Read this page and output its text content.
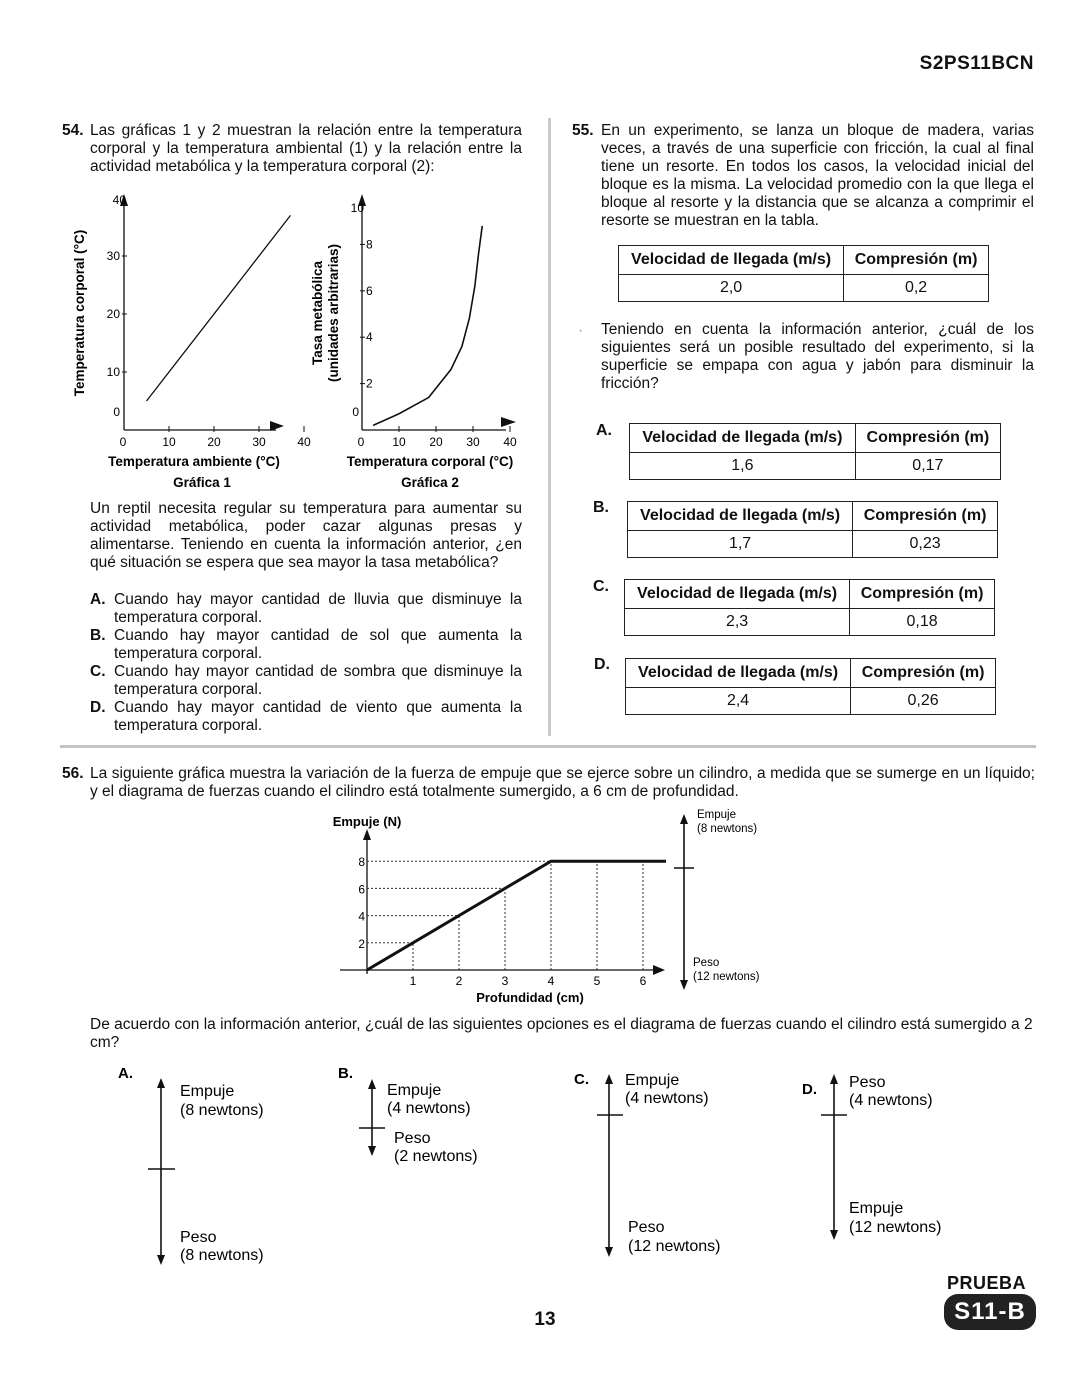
S2PS11BCN
54. Las gráficas 1 y 2 muestran la relación entre la temperatura corporal y la temperatura ambiental (1) y la relación entre la actividad metabólica y la temperatura corporal (2):
0	10	20	30	40
0
10
20
30
40
Temperatura corporal (°C)
Temperatura ambiente (°C)
Gráfica 1
0 10 20 30 40
0
2
4
6
8
10
Tasa metabólica (unidades arbitrarias)
Temperatura corporal (°C)
Gráfica 2
Un reptil necesita regular su temperatura para aumentar su actividad metabólica, poder cazar algunas presas y alimentarse. Teniendo en cuenta la información anterior, ¿en qué situación se espera que sea mayor la tasa metabólica?
A. Cuando hay mayor cantidad de lluvia que disminuye la temperatura corporal.
B. Cuando hay mayor cantidad de sol que aumenta la temperatura corporal.
C. Cuando hay mayor cantidad de sombra que disminuye la temperatura corporal.
D. Cuando hay mayor cantidad de viento que aumenta la temperatura corporal.
55. En un experimento, se lanza un bloque de madera, varias veces, a través de una superficie con fricción, la cual al final tiene un resorte. En todos los casos, la velocidad inicial del bloque es la misma. La velocidad promedio con la que llega el bloque al resorte y la distancia que se alcanza a comprimir el resorte se muestran en la tabla.
Velocidad de llegada (m/s)	Compresión (m)
2,0	0,2
· Teniendo en cuenta la información anterior, ¿cuál de los siguientes será un posible resultado del experimento, si la superficie se empapa con agua y jabón para disminuir la fricción?
A. Velocidad de llegada (m/s)	Compresión (m)
1,6	0,17
B. Velocidad de llegada (m/s)	Compresión (m)
1,7	0,23
C. Velocidad de llegada (m/s)	Compresión (m)
2,3	0,18
D. Velocidad de llegada (m/s)	Compresión (m)
2,4	0,26
56. La siguiente gráfica muestra la variación de la fuerza de empuje que se ejerce sobre un cilindro, a medida que se sumerge en un líquido; y el diagrama de fuerzas cuando el cilindro está totalmente sumergido, a 6 cm de profundidad.
Empuje (N)
2
4
6
8
1	2	3	4	5	6
Profundidad (cm)
Empuje
(8 newtons)
Peso
(12 newtons)
De acuerdo con la información anterior, ¿cuál de las siguientes opciones es el diagrama de fuerzas cuando el cilindro está sumergido a 2 cm?
A.
Empuje
(8 newtons)
Peso
(8 newtons)
B.
Empuje
(4 newtons)
Peso
(2 newtons)
C. Empuje
(4 newtons)
Peso
(12 newtons)
D. Peso
(4 newtons)
Empuje
(12 newtons)
13
PRUEBA
S11-B
